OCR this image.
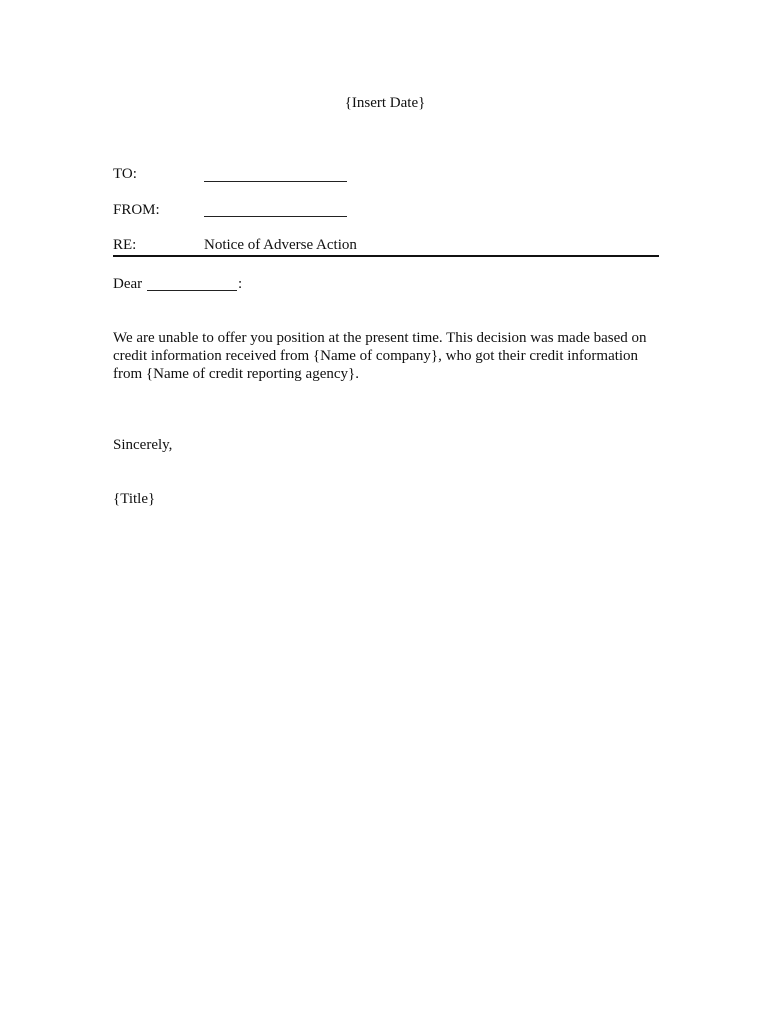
{Insert Date}
TO:
FROM:
RE:	Notice of Adverse Action
Dear	:
We are unable to offer you position at the present time. This decision was made based on
credit information received from {Name of company}, who got their credit information
from {Name of credit reporting agency}.
Sincerely,
{Title}
